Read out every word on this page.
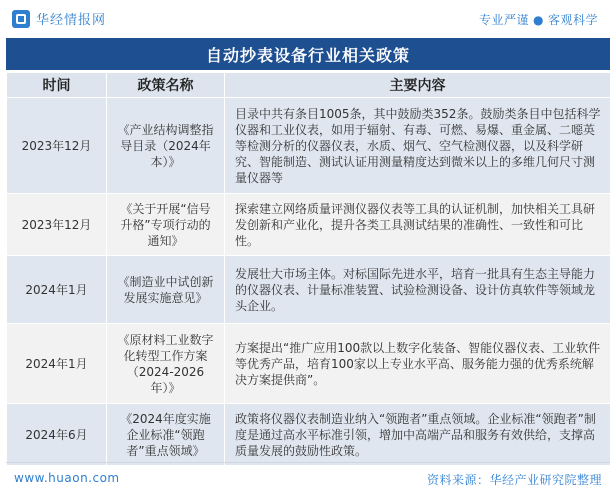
华经情报网	专业严谨 ● 客观科学
自动抄表设备行业相关政策
时间	政策名称	主要内容
2023年12月	《产业结构调整指导目录（2024年本）》	目录中共有条目1005条，其中鼓励类352条。鼓励类条目中包括科学仪器和工业仪表，如用于辐射、有毒、可燃、易爆、重金属、二噁英等检测分析的仪器仪表，水质、烟气、空气检测仪器，以及科学研究、智能制造、测试认证用测量精度达到微米以上的多维几何尺寸测量仪器等
2023年12月	《关于开展“信号升格”专项行动的通知》	探索建立网络质量评测仪器仪表等工具的认证机制，加快相关工具研发创新和产业化，提升各类工具测试结果的准确性、一致性和可比性。
2024年1月	《制造业中试创新发展实施意见》	发展壮大市场主体。对标国际先进水平，培育一批具有生态主导能力的仪器仪表、计量标准装置、试验检测设备、设计仿真软件等领域龙头企业。
2024年1月	《原材料工业数字化转型工作方案（2024-2026年）》	方案提出“推广应用100款以上数字化装备、智能仪器仪表、工业软件等优秀产品，培育100家以上专业水平高、服务能力强的优秀系统解决方案提供商”。
2024年6月	《2024年度实施企业标准“领跑者”重点领域》	政策将仪器仪表制造业纳入“领跑者”重点领域。企业标准“领跑者”制度是通过高水平标准引领，增加中高端产品和服务有效供给，支撑高质量发展的鼓励性政策。
www.huaon.com	资料来源：华经产业研究院整理
